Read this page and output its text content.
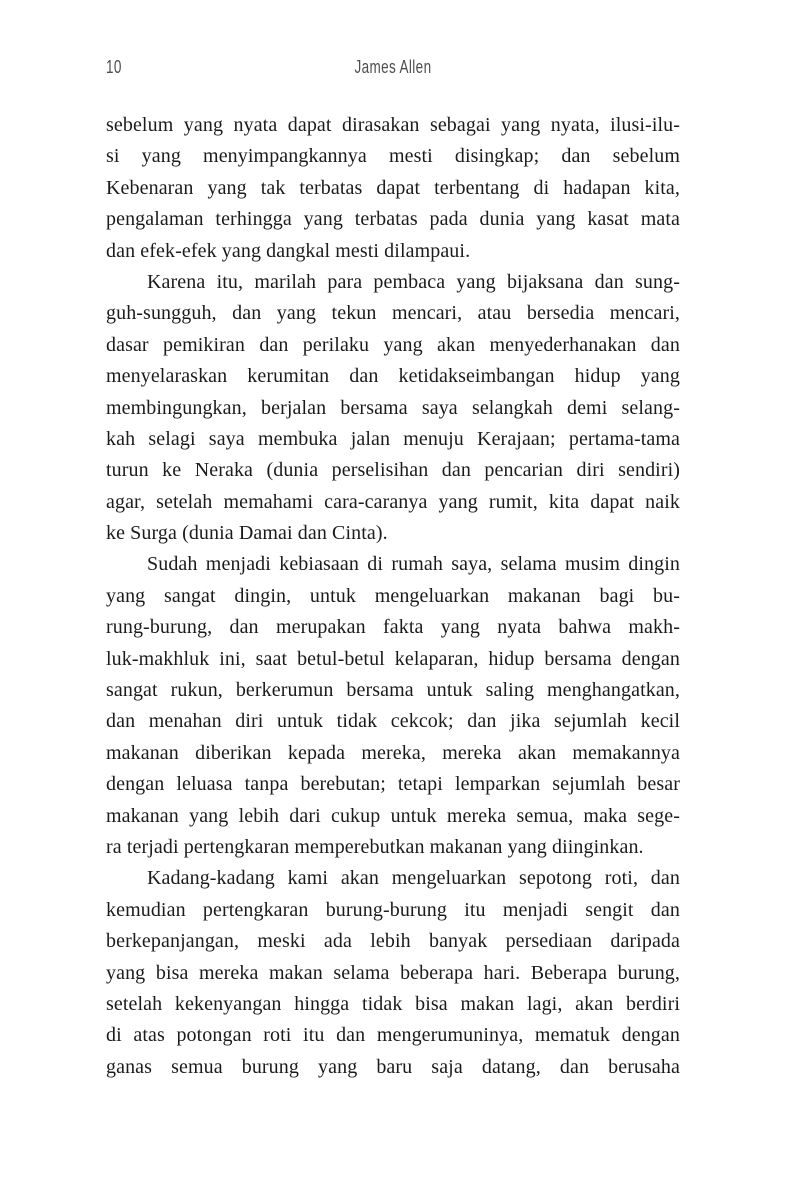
10	James Allen
sebelum yang nyata dapat dirasakan sebagai yang nyata, ilusi-ilu-
si yang menyimpangkannya mesti disingkap; dan sebelum
Kebenaran yang tak terbatas dapat terbentang di hadapan kita,
pengalaman terhingga yang terbatas pada dunia yang kasat mata
dan efek-efek yang dangkal mesti dilampaui.
Karena itu, marilah para pembaca yang bijaksana dan sung-
guh-sungguh, dan yang tekun mencari, atau bersedia mencari,
dasar pemikiran dan perilaku yang akan menyederhanakan dan
menyelaraskan kerumitan dan ketidakseimbangan hidup yang
membingungkan, berjalan bersama saya selangkah demi selang-
kah selagi saya membuka jalan menuju Kerajaan; pertama-tama
turun ke Neraka (dunia perselisihan dan pencarian diri sendiri)
agar, setelah memahami cara-caranya yang rumit, kita dapat naik
ke Surga (dunia Damai dan Cinta).
Sudah menjadi kebiasaan di rumah saya, selama musim dingin
yang sangat dingin, untuk mengeluarkan makanan bagi bu-
rung-burung, dan merupakan fakta yang nyata bahwa makh-
luk-makhluk ini, saat betul-betul kelaparan, hidup bersama dengan
sangat rukun, berkerumun bersama untuk saling menghangatkan,
dan menahan diri untuk tidak cekcok; dan jika sejumlah kecil
makanan diberikan kepada mereka, mereka akan memakannya
dengan leluasa tanpa berebutan; tetapi lemparkan sejumlah besar
makanan yang lebih dari cukup untuk mereka semua, maka sege-
ra terjadi pertengkaran memperebutkan makanan yang diinginkan.
Kadang-kadang kami akan mengeluarkan sepotong roti, dan
kemudian pertengkaran burung-burung itu menjadi sengit dan
berkepanjangan, meski ada lebih banyak persediaan daripada
yang bisa mereka makan selama beberapa hari. Beberapa burung,
setelah kekenyangan hingga tidak bisa makan lagi, akan berdiri
di atas potongan roti itu dan mengerumuninya, mematuk dengan
ganas semua burung yang baru saja datang, dan berusaha
